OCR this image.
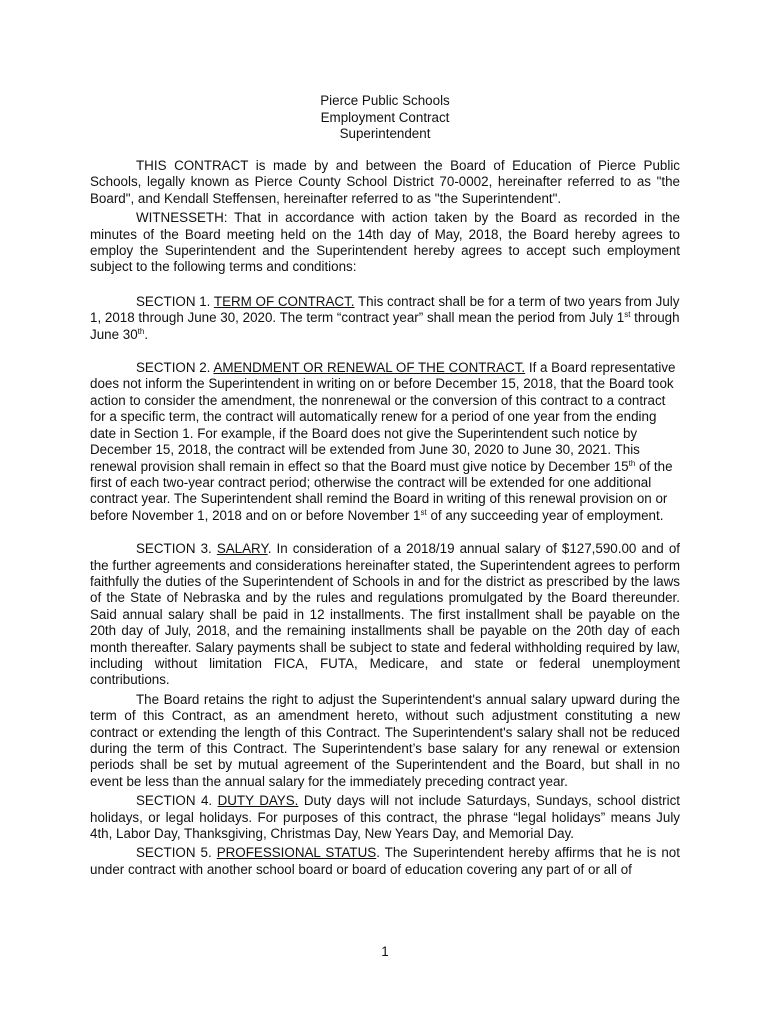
Pierce Public Schools
Employment Contract
Superintendent

THIS CONTRACT is made by and between the Board of Education of Pierce Public Schools, legally known as Pierce County School District 70-0002, hereinafter referred to as "the Board", and Kendall Steffensen, hereinafter referred to as "the Superintendent".

WITNESSETH: That in accordance with action taken by the Board as recorded in the minutes of the Board meeting held on the 14th day of May, 2018, the Board hereby agrees to employ the Superintendent and the Superintendent hereby agrees to accept such employment subject to the following terms and conditions:

SECTION 1. TERM OF CONTRACT. This contract shall be for a term of two years from July 1, 2018 through June 30, 2020. The term “contract year” shall mean the period from July 1st through June 30th.

SECTION 2. AMENDMENT OR RENEWAL OF THE CONTRACT. If a Board representative does not inform the Superintendent in writing on or before December 15, 2018, that the Board took action to consider the amendment, the nonrenewal or the conversion of this contract to a contract for a specific term, the contract will automatically renew for a period of one year from the ending date in Section 1. For example, if the Board does not give the Superintendent such notice by December 15, 2018, the contract will be extended from June 30, 2020 to June 30, 2021. This renewal provision shall remain in effect so that the Board must give notice by December 15th of the first of each two-year contract period; otherwise the contract will be extended for one additional contract year. The Superintendent shall remind the Board in writing of this renewal provision on or before November 1, 2018 and on or before November 1st of any succeeding year of employment.

SECTION 3. SALARY. In consideration of a 2018/19 annual salary of $127,590.00 and of the further agreements and considerations hereinafter stated, the Superintendent agrees to perform faithfully the duties of the Superintendent of Schools in and for the district as prescribed by the laws of the State of Nebraska and by the rules and regulations promulgated by the Board thereunder. Said annual salary shall be paid in 12 installments. The first installment shall be payable on the 20th day of July, 2018, and the remaining installments shall be payable on the 20th day of each month thereafter. Salary payments shall be subject to state and federal withholding required by law, including without limitation FICA, FUTA, Medicare, and state or federal unemployment contributions.

The Board retains the right to adjust the Superintendent's annual salary upward during the term of this Contract, as an amendment hereto, without such adjustment constituting a new contract or extending the length of this Contract. The Superintendent's salary shall not be reduced during the term of this Contract. The Superintendent’s base salary for any renewal or extension periods shall be set by mutual agreement of the Superintendent and the Board, but shall in no event be less than the annual salary for the immediately preceding contract year.

SECTION 4. DUTY DAYS. Duty days will not include Saturdays, Sundays, school district holidays, or legal holidays. For purposes of this contract, the phrase “legal holidays” means July 4th, Labor Day, Thanksgiving, Christmas Day, New Years Day, and Memorial Day.

SECTION 5. PROFESSIONAL STATUS. The Superintendent hereby affirms that he is not under contract with another school board or board of education covering any part of or all of

1
